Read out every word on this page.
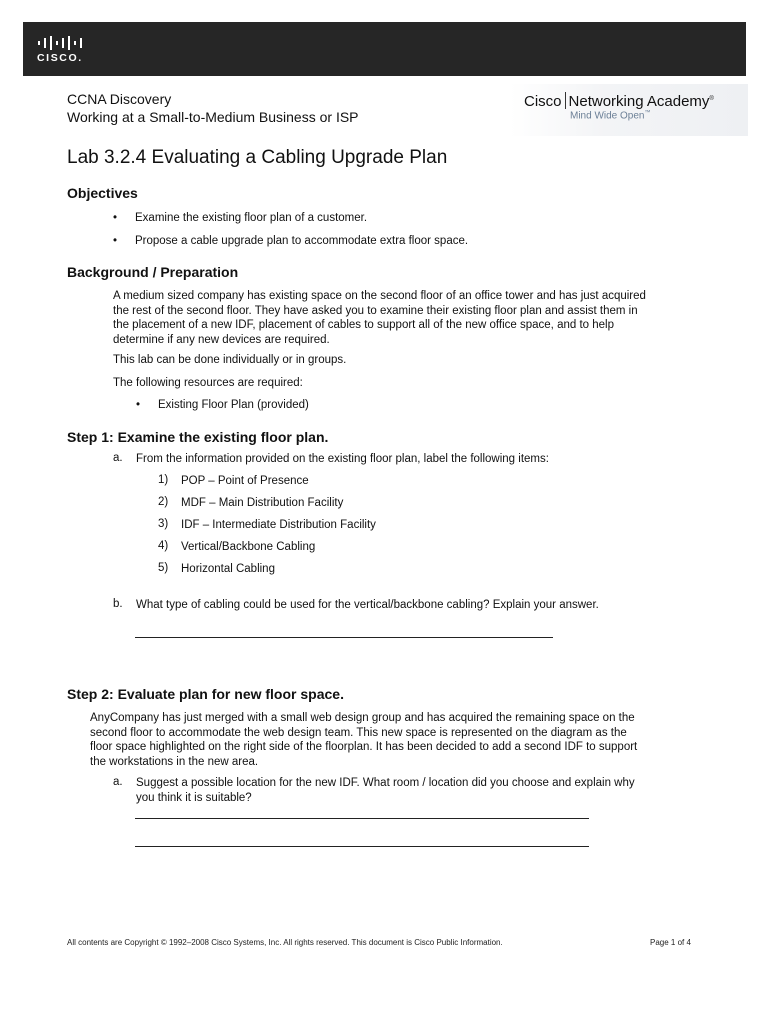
CISCO.
CCNA Discovery
Working at a Small-to-Medium Business or ISP
Cisco Networking Academy®
Mind Wide Open™
Lab 3.2.4 Evaluating a Cabling Upgrade Plan
Objectives
• Examine the existing floor plan of a customer.
• Propose a cable upgrade plan to accommodate extra floor space.
Background / Preparation
A medium sized company has existing space on the second floor of an office tower and has just acquired
the rest of the second floor. They have asked you to examine their existing floor plan and assist them in
the placement of a new IDF, placement of cables to support all of the new office space, and to help
determine if any new devices are required.
This lab can be done individually or in groups.
The following resources are required:
• Existing Floor Plan (provided)
Step 1: Examine the existing floor plan.
a. From the information provided on the existing floor plan, label the following items:
1) POP – Point of Presence
2) MDF – Main Distribution Facility
3) IDF – Intermediate Distribution Facility
4) Vertical/Backbone Cabling
5) Horizontal Cabling
b. What type of cabling could be used for the vertical/backbone cabling? Explain your answer.
Step 2: Evaluate plan for new floor space.
AnyCompany has just merged with a small web design group and has acquired the remaining space on the
second floor to accommodate the web design team. This new space is represented on the diagram as the
floor space highlighted on the right side of the floorplan. It has been decided to add a second IDF to support
the workstations in the new area.
a. Suggest a possible location for the new IDF. What room / location did you choose and explain why
you think it is suitable?
All contents are Copyright © 1992–2008 Cisco Systems, Inc. All rights reserved. This document is Cisco Public Information.	Page 1 of 4
